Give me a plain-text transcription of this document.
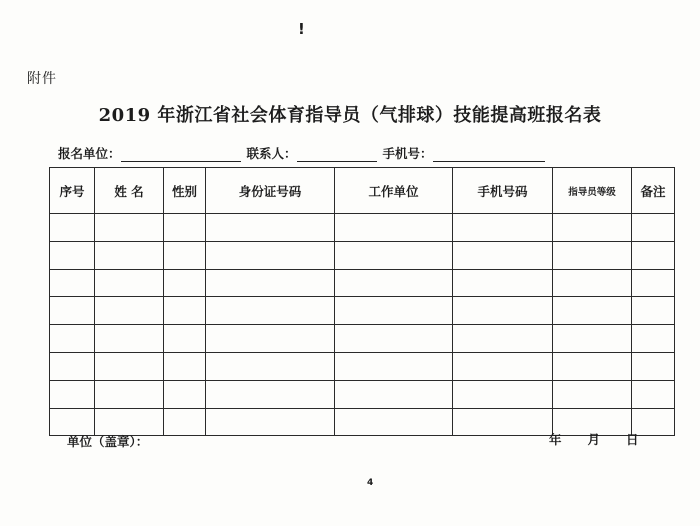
!
附件
2019 年浙江省社会体育指导员（气排球）技能提高班报名表
报名单位：	联系人：	手机号：
序号	姓 名	性别	身份证号码	工作单位	手机号码	指导员等级	备注

单位（盖章）：	年 月 日
4
